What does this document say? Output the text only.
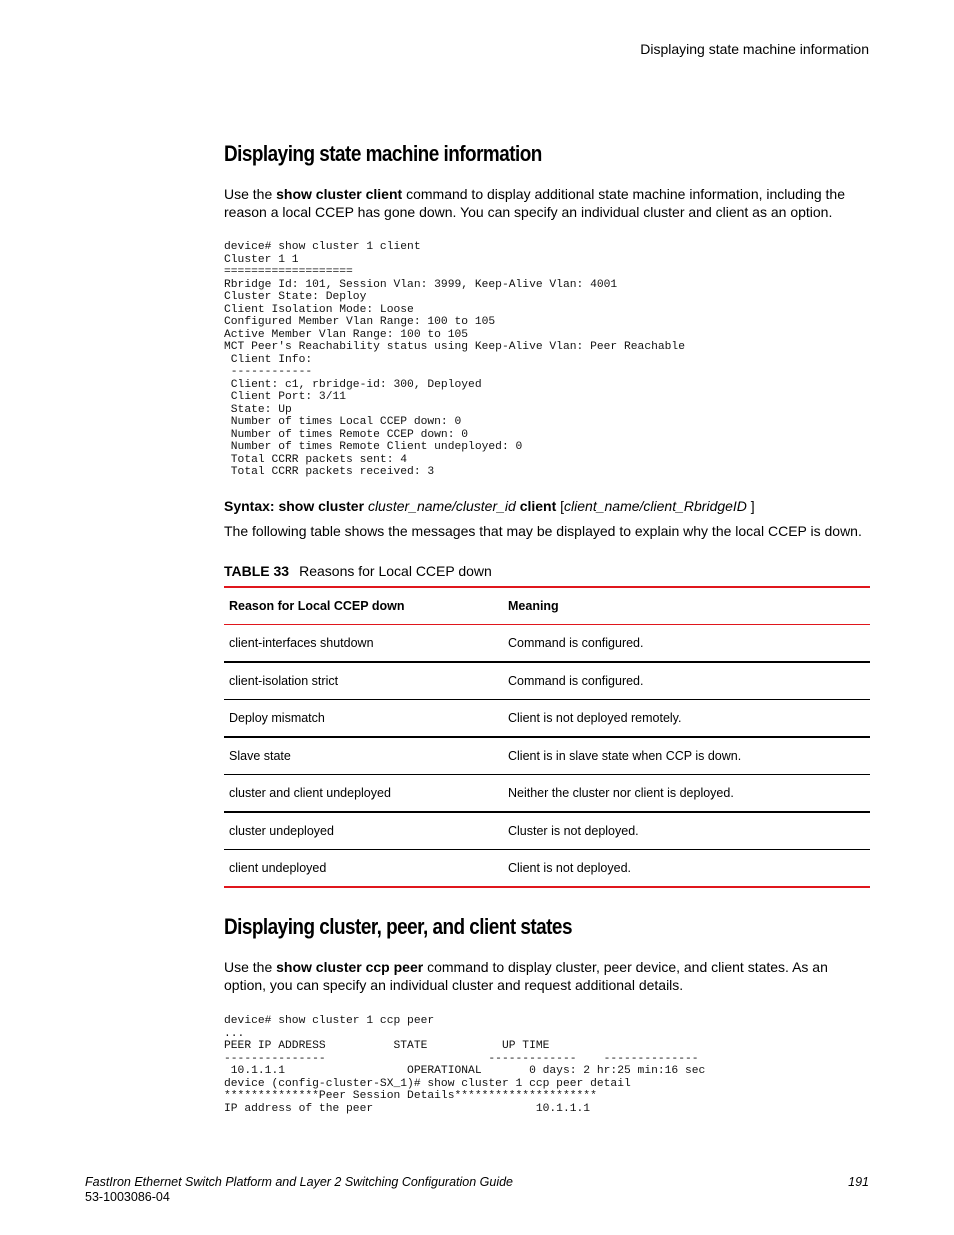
Displaying state machine information
Displaying state machine information
Use the show cluster client command to display additional state machine information, including the reason a local CCEP has gone down. You can specify an individual cluster and client as an option.
device# show cluster 1 client
Cluster 1 1
===================
Rbridge Id: 101, Session Vlan: 3999, Keep-Alive Vlan: 4001
Cluster State: Deploy
Client Isolation Mode: Loose
Configured Member Vlan Range: 100 to 105
Active Member Vlan Range: 100 to 105
MCT Peer's Reachability status using Keep-Alive Vlan: Peer Reachable
Client Info:
------------
Client: c1, rbridge-id: 300, Deployed
Client Port: 3/11
State: Up
Number of times Local CCEP down: 0
Number of times Remote CCEP down: 0
Number of times Remote Client undeployed: 0
Total CCRR packets sent: 4
Total CCRR packets received: 3
Syntax: show cluster cluster_name/cluster_id client [client_name/client_RbridgeID ]
The following table shows the messages that may be displayed to explain why the local CCEP is down.
TABLE 33 Reasons for Local CCEP down
Reason for Local CCEP down	Meaning
client-interfaces shutdown	Command is configured.
client-isolation strict	Command is configured.
Deploy mismatch	Client is not deployed remotely.
Slave state	Client is in slave state when CCP is down.
cluster and client undeployed	Neither the cluster nor client is deployed.
cluster undeployed	Cluster is not deployed.
client undeployed	Client is not deployed.
Displaying cluster, peer, and client states
Use the show cluster ccp peer command to display cluster, peer device, and client states. As an option, you can specify an individual cluster and request additional details.
device# show cluster 1 ccp peer
...
PEER IP ADDRESS          STATE           UP TIME
---------------                        -------------    --------------
10.1.1.1                  OPERATIONAL       0 days: 2 hr:25 min:16 sec
device (config-cluster-SX_1)# show cluster 1 ccp peer detail
**************Peer Session Details*********************
IP address of the peer                        10.1.1.1
FastIron Ethernet Switch Platform and Layer 2 Switching Configuration Guide
53-1003086-04
191
